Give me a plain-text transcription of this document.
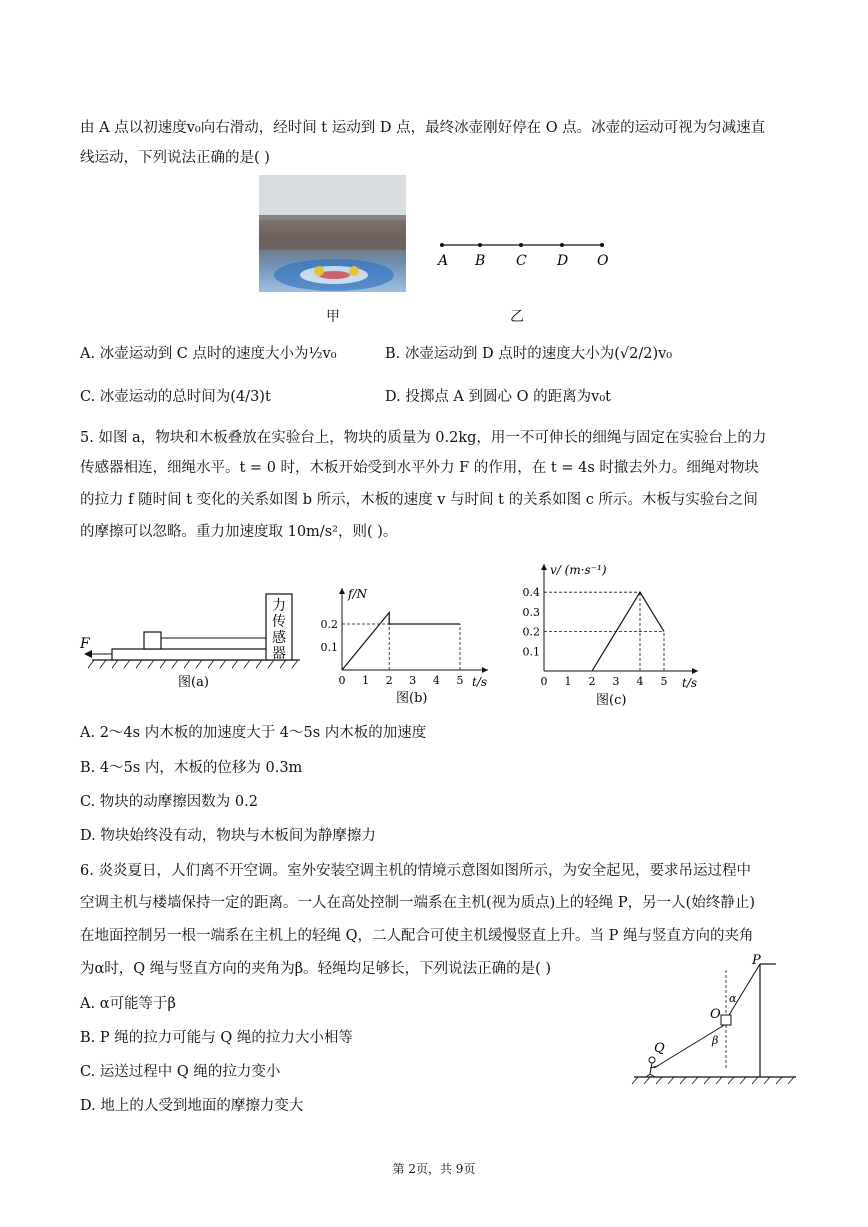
由 A 点以初速度v₀向右滑动，经时间 t 运动到 D 点，最终冰壶刚好停在 O 点。冰壶的运动可视为匀减速直
线运动，下列说法正确的是( )
A B C D O
甲	乙
A. 冰壶运动到 C 点时的速度大小为½v₀	B. 冰壶运动到 D 点时的速度大小为(√2/2)v₀
C. 冰壶运动的总时间为(4/3)t	D. 投掷点 A 到圆心 O 的距离为v₀t
5. 如图 a，物块和木板叠放在实验台上，物块的质量为 0.2kg，用一不可伸长的细绳与固定在实验台上的力
传感器相连，细绳水平。t = 0 时，木板开始受到水平外力 F 的作用，在 t = 4s 时撤去外力。细绳对物块
的拉力 f 随时间 t 变化的关系如图 b 所示，木板的速度 v 与时间 t 的关系如图 c 所示。木板与实验台之间
的摩擦可以忽略。重力加速度取 10m/s²，则( )。
力
传
感
器
F
图(a)	0 1 2 3 4 5
0.1
0.2
f/N
t/s
图(b)
0 1 2 3 4 5
0.1
0.2
0.3
0.4
v/ (m·s⁻¹)
t/s
图(c)
A. 2～4s 内木板的加速度大于 4～5s 内木板的加速度
B. 4～5s 内，木板的位移为 0.3m
C. 物块的动摩擦因数为 0.2
D. 物块始终没有动，物块与木板间为静摩擦力
6. 炎炎夏日，人们离不开空调。室外安装空调主机的情境示意图如图所示，为安全起见，要求吊运过程中
空调主机与楼墙保持一定的距离。一人在高处控制一端系在主机(视为质点)上的轻绳 P，另一人(始终静止)
在地面控制另一根一端系在主机上的轻绳 Q，二人配合可使主机缓慢竖直上升。当 P 绳与竖直方向的夹角
为α时，Q 绳与竖直方向的夹角为β。轻绳均足够长，下列说法正确的是( )
A. α可能等于β
B. P 绳的拉力可能与 Q 绳的拉力大小相等
C. 运送过程中 Q 绳的拉力变小
D. 地上的人受到地面的摩擦力变大
P
Q
O
α
β
第 2页，共 9页
